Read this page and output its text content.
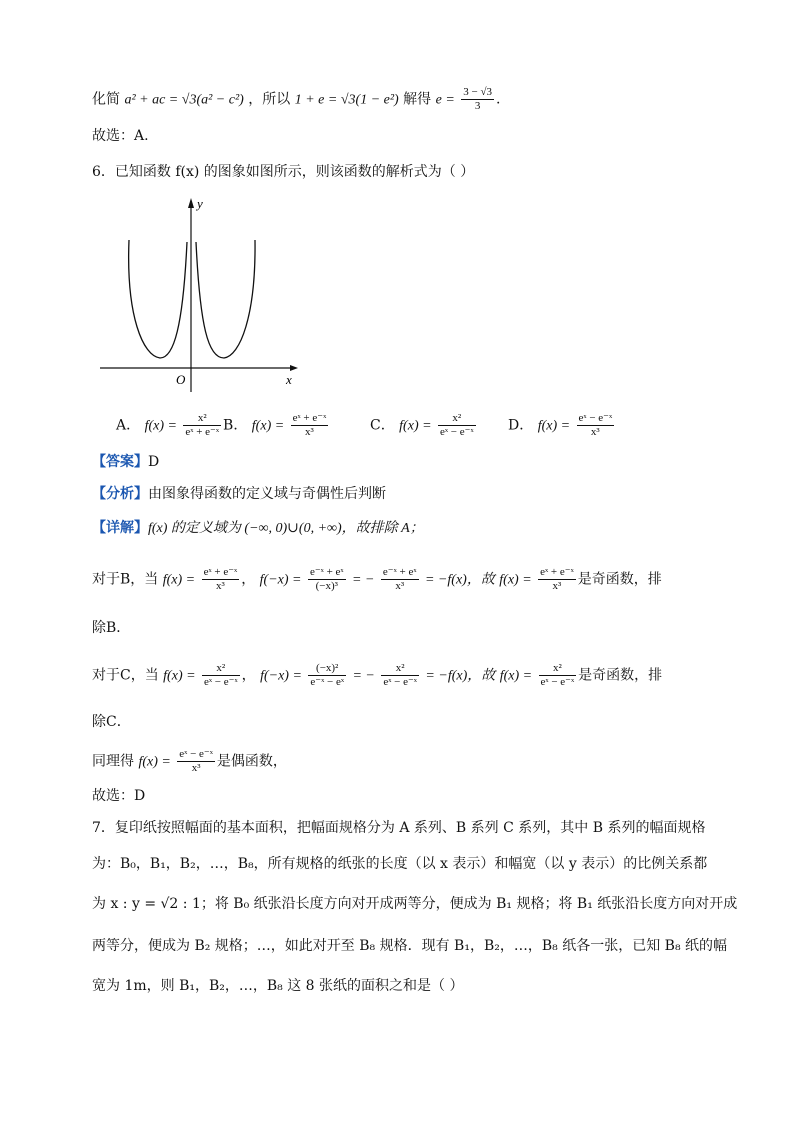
化简 a² + ac = √3(a² − c²) ，所以 1 + e = √3(1 − e²) 解得 $e = \frac{3 - √3}{3}$ .
故选：A.
6．已知函数 f(x) 的图象如图所示，则该函数的解析式为（ ）
y
x
O
A． $f(x) = \frac{\text{x²}}{\text{eˣ + e⁻ˣ}}$ B． $f(x) = \frac{\text{eˣ + e⁻ˣ}}{\text{x³}}$	C． $f(x) = \frac{\text{x²}}{\text{eˣ − e⁻ˣ}}$ D． $f(x) = \frac{\text{eˣ − e⁻ˣ}}{\text{x³}}$
【答案】D
【分析】由图象得函数的定义域与奇偶性后判断
【详解】f(x) 的定义域为 (−∞, 0)∪(0, +∞)，故排除 A；
对于B，当 $f(x) = \frac{\text{eˣ + e⁻ˣ}}{\text{x³}}$ ， $f(-x) = \frac{\text{e⁻ˣ + eˣ}}{\text{(−x)³}}$ = − $\frac{\text{e⁻ˣ + eˣ}}{\text{x³}} = -f(x)$，故 $f(x) = \frac{\text{eˣ + e⁻ˣ}}{\text{x³}}$ 是奇函数，排
除B．
对于C，当 $f(x) = \frac{\text{x²}}{\text{eˣ − e⁻ˣ}}$ ， $f(-x) = \frac{\text{(−x)²}}{\text{e⁻ˣ − eˣ}}$ = − $\frac{\text{x²}}{\text{eˣ − e⁻ˣ}} = -f(x)$，故 $f(x) = \frac{\text{x²}}{\text{eˣ − e⁻ˣ}}$ 是奇函数，排
除C．
同理得 $f(x) = \frac{\text{eˣ − e⁻ˣ}}{\text{x³}}$ 是偶函数，
故选：D
7．复印纸按照幅面的基本面积，把幅面规格分为 A 系列、B 系列 C 系列，其中 B 系列的幅面规格
为：B₀，B₁，B₂，…，B₈，所有规格的纸张的长度（以 x 表示）和幅宽（以 y 表示）的比例关系都
为 x : y = √2 : 1；将 B₀ 纸张沿长度方向对开成两等分，便成为 B₁ 规格；将 B₁ 纸张沿长度方向对开成
两等分，便成为 B₂ 规格；…，如此对开至 B₈ 规格．现有 B₁，B₂，…，B₈ 纸各一张，已知 B₈ 纸的幅
宽为 1m，则 B₁，B₂，…，B₈ 这 8 张纸的面积之和是（ ）
